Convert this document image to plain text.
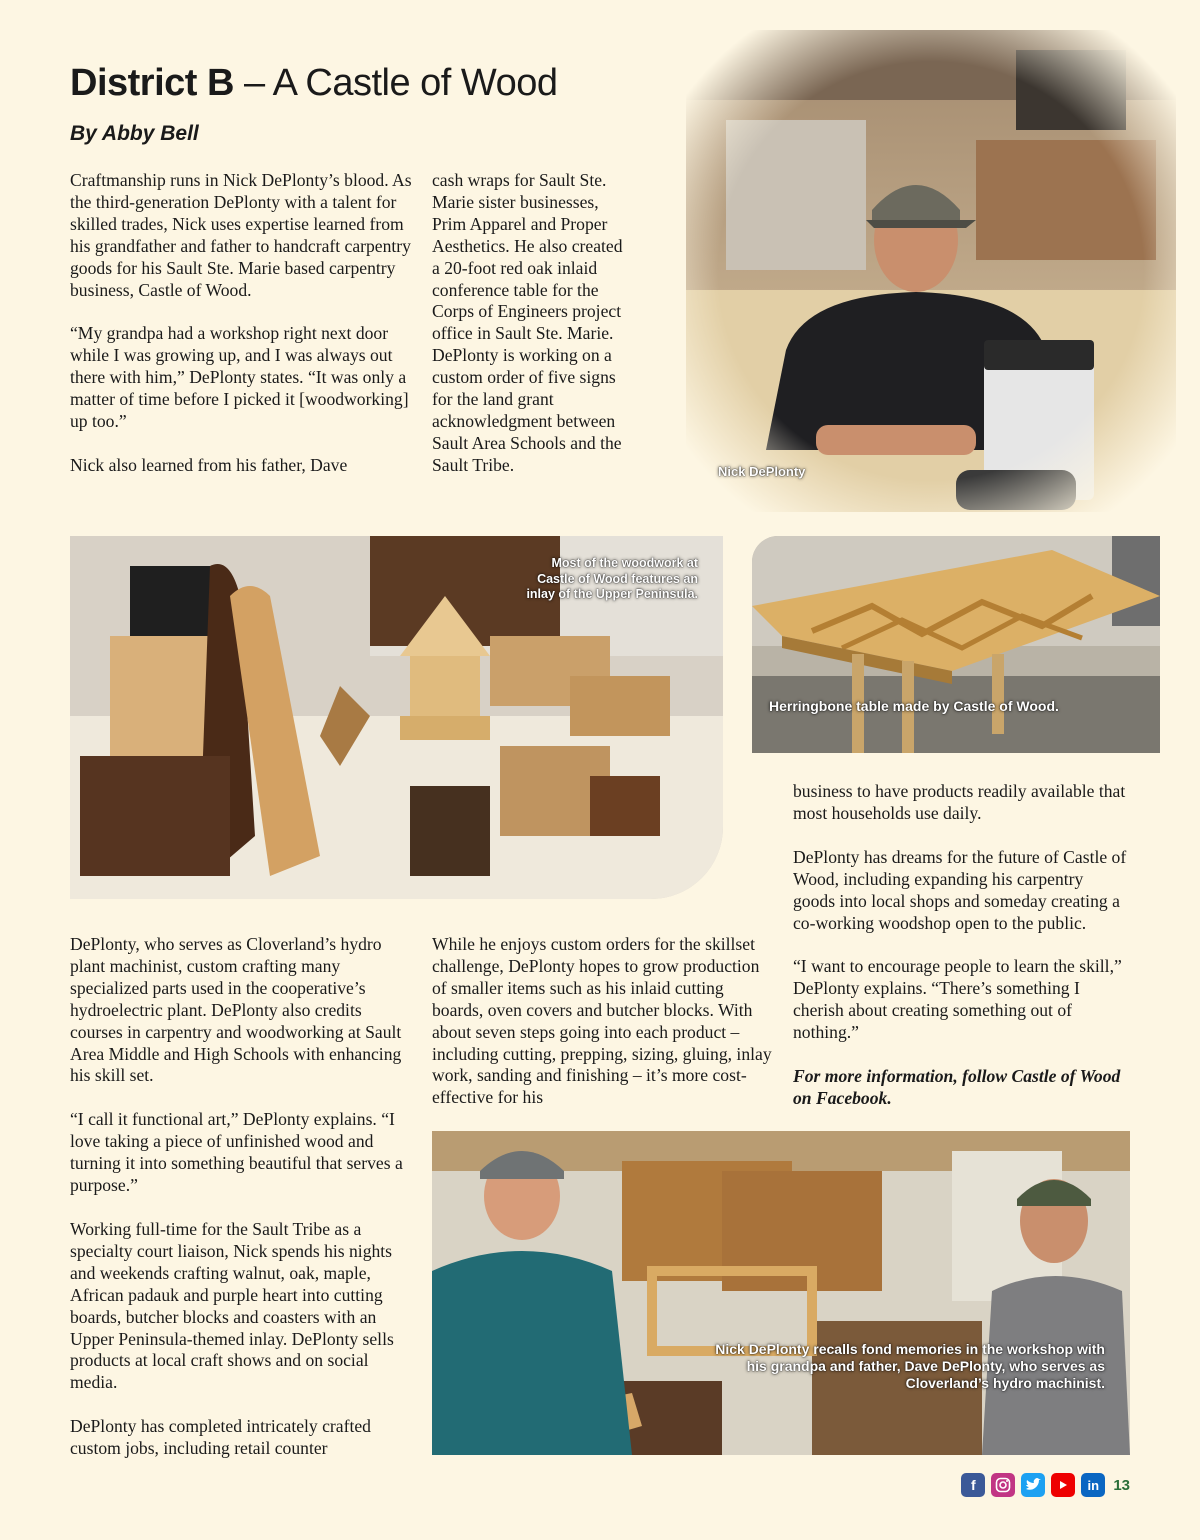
District B – A Castle of Wood

By Abby Bell

Craftmanship runs in Nick DePlonty’s blood. As the third-generation DePlonty with a talent for skilled trades, Nick uses expertise learned from his grandfather and father to handcraft carpentry goods for his Sault Ste. Marie based carpentry business, Castle of Wood.

“My grandpa had a workshop right next door while I was growing up, and I was always out there with him,” DePlonty states. “It was only a matter of time before I picked it [woodworking] up too.”

Nick also learned from his father, Dave

cash wraps for Sault Ste. Marie sister businesses, Prim Apparel and Proper Aesthetics. He also created a 20-foot red oak inlaid conference table for the Corps of Engineers project office in Sault Ste. Marie. DePlonty is working on a custom order of five signs for the land grant acknowledgment between Sault Area Schools and the Sault Tribe.	Nick DePlonty
Most of the woodwork at Castle of Wood features an inlay of the Upper Peninsula.
Herringbone table made by Castle of Wood.

business to have products readily available that most households use daily.

DePlonty has dreams for the future of Castle of Wood, including expanding his carpentry goods into local shops and someday creating a co-working woodshop open to the public.

“I want to encourage people to learn the skill,” DePlonty explains. “There’s something I cherish about creating something out of nothing.”

For more information, follow Castle of Wood on Facebook.

DePlonty, who serves as Cloverland’s hydro plant machinist, custom crafting many specialized parts used in the cooperative’s hydroelectric plant. DePlonty also credits courses in carpentry and woodworking at Sault Area Middle and High Schools with enhancing his skill set.

“I call it functional art,” DePlonty explains. “I love taking a piece of unfinished wood and turning it into something beautiful that serves a purpose.”

Working full-time for the Sault Tribe as a specialty court liaison, Nick spends his nights and weekends crafting walnut, oak, maple, African padauk and purple heart into cutting boards, butcher blocks and coasters with an Upper Peninsula-themed inlay. DePlonty sells products at local craft shows and on social media.

DePlonty has completed intricately crafted custom jobs, including retail counter

While he enjoys custom orders for the skillset challenge, DePlonty hopes to grow production of smaller items such as his inlaid cutting boards, oven covers and butcher blocks. With about seven steps going into each product – including cutting, prepping, sizing, gluing, inlay work, sanding and finishing – it’s more cost-effective for his

Nick DePlonty recalls fond memories in the workshop with his grandpa and father, Dave DePlonty, who serves as Cloverland’s hydro machinist.
f	in 13
